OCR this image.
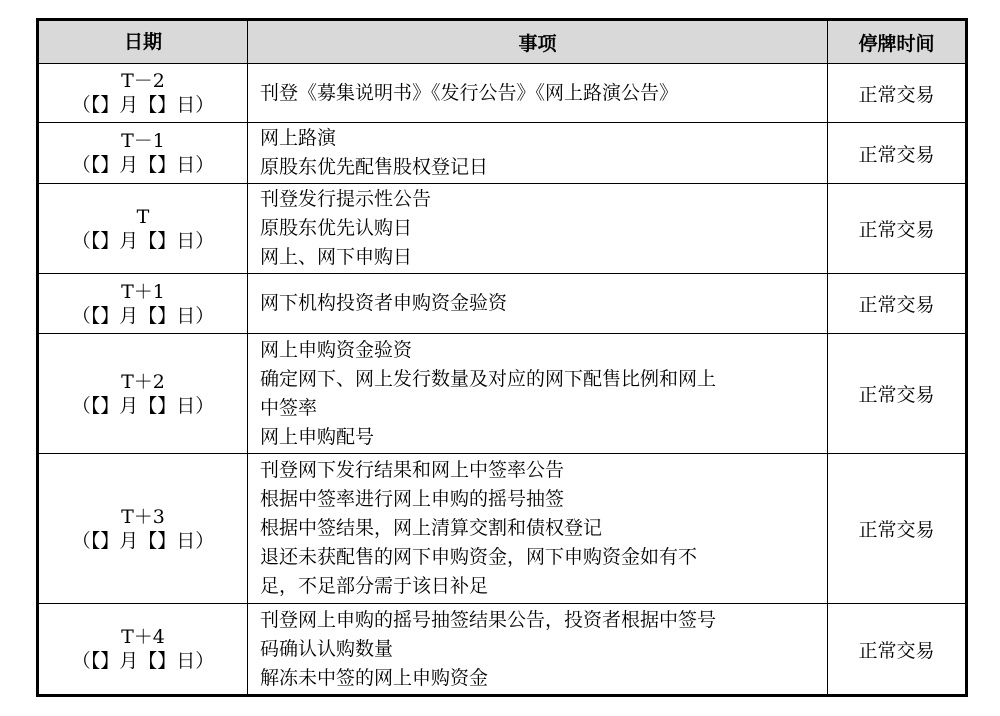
日期	事项	停牌时间

T－2
（【】月【】日）	刊登《募集说明书》《发行公告》《网上路演公告》	正常交易

T－1
（【】月【】日）	网上路演
原股东优先配售股权登记日	正常交易

T
（【】月【】日）	刊登发行提示性公告
原股东优先认购日
网上、网下申购日	正常交易

T＋1
（【】月【】日）	网下机构投资者申购资金验资	正常交易

T＋2
（【】月【】日）	网上申购资金验资
确定网下、网上发行数量及对应的网下配售比例和网上
中签率
网上申购配号	正常交易

T＋3
（【】月【】日）	刊登网下发行结果和网上中签率公告
根据中签率进行网上申购的摇号抽签
根据中签结果，网上清算交割和债权登记
退还未获配售的网下申购资金，网下申购资金如有不
足，不足部分需于该日补足	正常交易

T＋4
（【】月【】日）	刊登网上申购的摇号抽签结果公告，投资者根据中签号
码确认认购数量
解冻未中签的网上申购资金	正常交易
